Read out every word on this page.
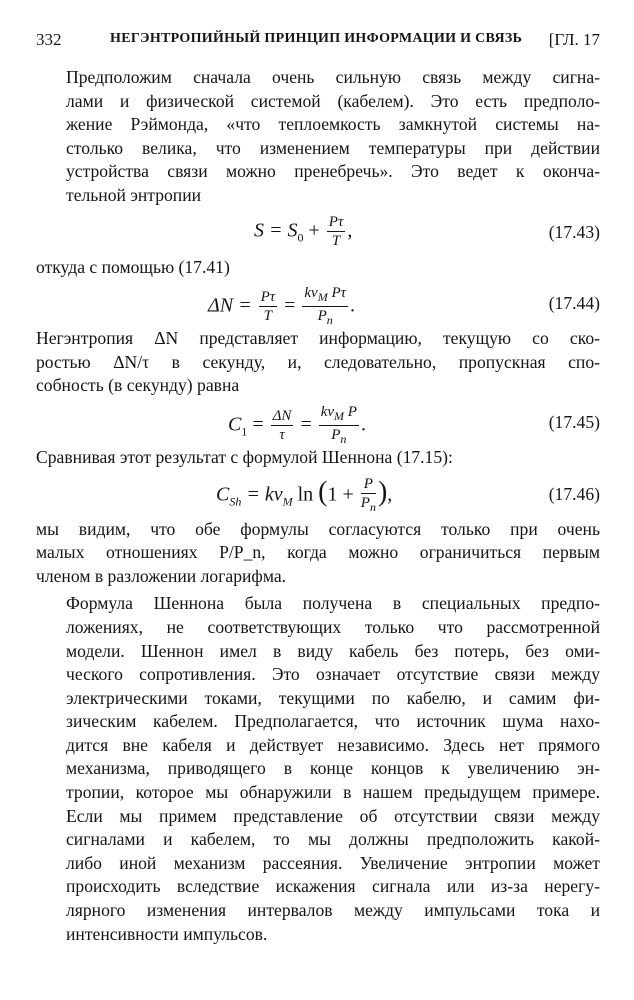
332	НЕГЭНТРОПИЙНЫЙ ПРИНЦИП ИНФОРМАЦИИ И СВЯЗЬ [ГЛ. 17
Предположим сначала очень сильную связь между сигна-
лами и физической системой (кабелем). Это есть предполо-
жение Рэймонда, «что теплоемкость замкнутой системы на-
столько велика, что изменением температуры при действии
устройства связи можно пренебречь». Это ведет к оконча-
тельной энтропии
$S = S_0 + \frac{P\tau}{T}$ ,	(17.43)
откуда с помощью (17.41)
$\Delta N = \frac{P\tau}{T}$ =
$k\nu_M$ Pτ
$P_n$
.	(17.44)
Негэнтропия ΔN представляет информацию, текущую со ско-
ростью ΔN/τ в секунду, и, следовательно, пропускная спо-
собность (в секунду) равна
$C_1 = \frac{\Delta N}{\tau}$ =
$k\nu_M$ P
$P_n$
.	(17.45)
Сравнивая этот результат с формулой Шеннона (17.15):
$C_{Sh} = k\nu_M$ $\ln (1 + \frac{P}{P_n}$ ),	(17.46)
мы видим, что обе формулы согласуются только при очень
малых отношениях P/P_n, когда можно ограничиться первым
членом в разложении логарифма.
Формула Шеннона была получена в специальных предпо-
ложениях, не соответствующих только что рассмотренной
модели. Шеннон имел в виду кабель без потерь, без оми-
ческого сопротивления. Это означает отсутствие связи между
электрическими токами, текущими по кабелю, и самим фи-
зическим кабелем. Предполагается, что источник шума нахо-
дится вне кабеля и действует независимо. Здесь нет прямого
механизма, приводящего в конце концов к увеличению эн-
тропии, которое мы обнаружили в нашем предыдущем примере.
Если мы примем представление об отсутствии связи между
сигналами и кабелем, то мы должны предположить какой-
либо иной механизм рассеяния. Увеличение энтропии может
происходить вследствие искажения сигнала или из-за нерегу-
лярного изменения интервалов между импульсами тока и
интенсивности импульсов.
